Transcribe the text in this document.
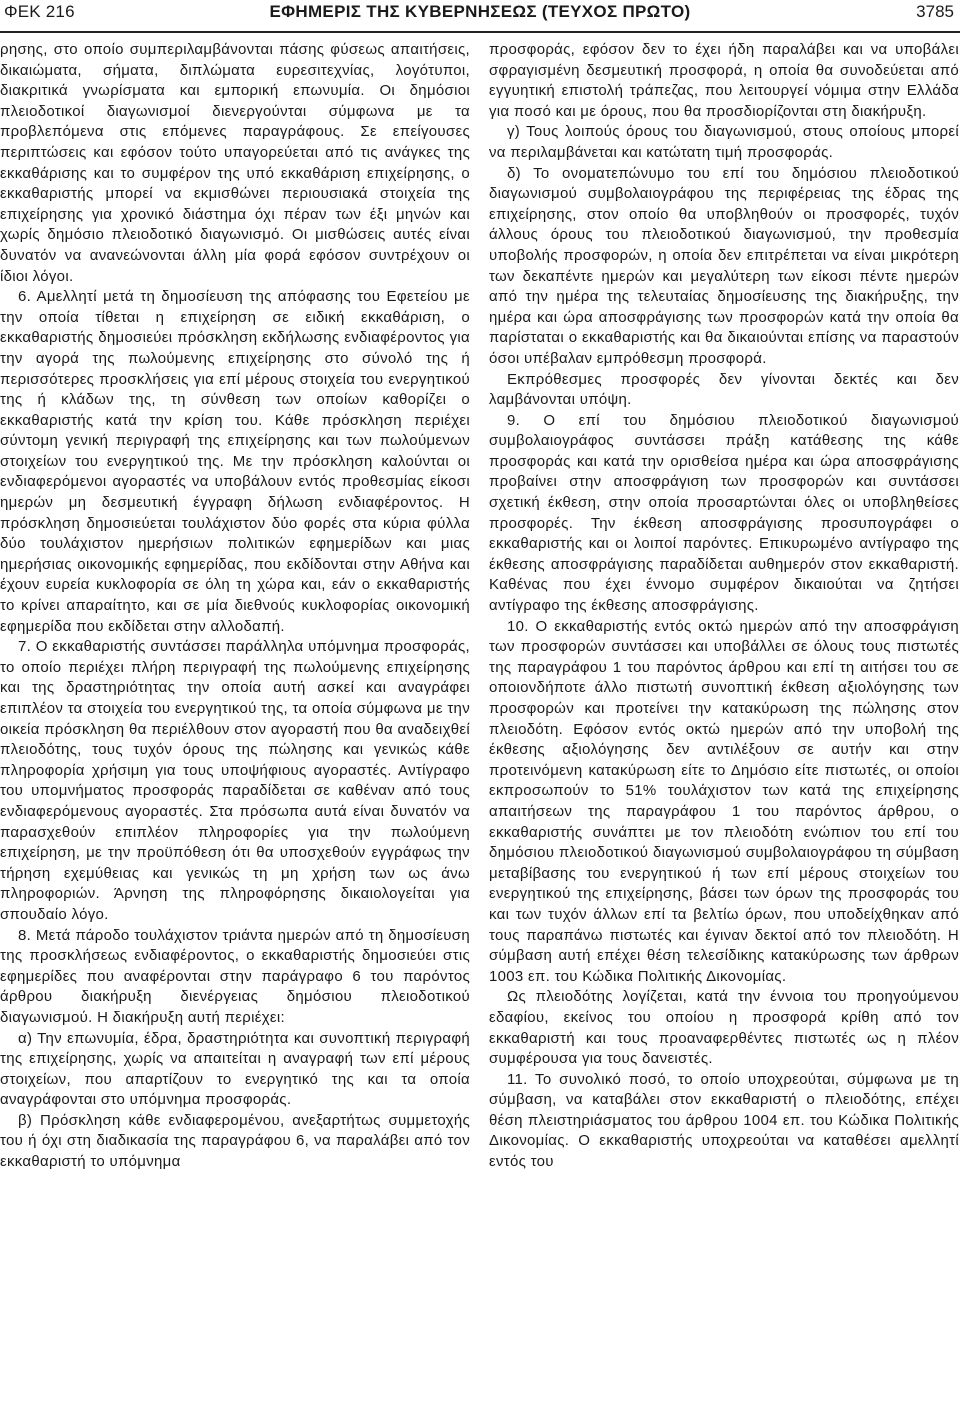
ΕΦΗΜΕΡΙΣ ΤΗΣ ΚΥΒΕΡΝΗΣΕΩΣ (ΤΕΥΧΟΣ ΠΡΩΤΟ)
ΦΕΚ 216	3785

ρησης, στο οποίο συμπεριλαμβάνονται πάσης φύσεως απαιτήσεις, δικαιώματα, σήματα, διπλώματα ευρεσιτεχνίας, λογότυποι, διακριτικά γνωρίσματα και εμπορική επωνυμία. Οι δημόσιοι πλειοδοτικοί διαγωνισμοί διενεργούνται σύμφωνα με τα προβλεπόμενα στις επόμενες παραγράφους. Σε επείγουσες περιπτώσεις και εφόσον τούτο υπαγορεύεται από τις ανάγκες της εκκαθάρισης και το συμφέρον της υπό εκκαθάριση επιχείρησης, ο εκκαθαριστής μπορεί να εκμισθώνει περιουσιακά στοιχεία της επιχείρησης για χρονικό διάστημα όχι πέραν των έξι μηνών και χωρίς δημόσιο πλειοδοτικό διαγωνισμό. Οι μισθώσεις αυτές είναι δυνατόν να ανανεώνονται άλλη μία φορά εφόσον συντρέχουν οι ίδιοι λόγοι.

6. Αμελλητί μετά τη δημοσίευση της απόφασης του Εφετείου με την οποία τίθεται η επιχείρηση σε ειδική εκκαθάριση, ο εκκαθαριστής δημοσιεύει πρόσκληση εκδήλωσης ενδιαφέροντος για την αγορά της πωλούμενης επιχείρησης στο σύνολό της ή περισσότερες προσκλήσεις για επί μέρους στοιχεία του ενεργητικού της ή κλάδων της, τη σύνθεση των οποίων καθορίζει ο εκκαθαριστής κατά την κρίση του. Κάθε πρόσκληση περιέχει σύντομη γενική περιγραφή της επιχείρησης και των πωλούμενων στοιχείων του ενεργητικού της. Με την πρόσκληση καλούνται οι ενδιαφερόμενοι αγοραστές να υποβάλουν εντός προθεσμίας είκοσι ημερών μη δεσμευτική έγγραφη δήλωση ενδιαφέροντος. Η πρόσκληση δημοσιεύεται τουλάχιστον δύο φορές στα κύρια φύλλα δύο τουλάχιστον ημερήσιων πολιτικών εφημερίδων και μιας ημερήσιας οικονομικής εφημερίδας, που εκδίδονται στην Αθήνα και έχουν ευρεία κυκλοφορία σε όλη τη χώρα και, εάν ο εκκαθαριστής το κρίνει απαραίτητο, και σε μία διεθνούς κυκλοφορίας οικονομική εφημερίδα που εκδίδεται στην αλλοδαπή.

7. Ο εκκαθαριστής συντάσσει παράλληλα υπόμνημα προσφοράς, το οποίο περιέχει πλήρη περιγραφή της πωλούμενης επιχείρησης και της δραστηριότητας την οποία αυτή ασκεί και αναγράφει επιπλέον τα στοιχεία του ενεργητικού της, τα οποία σύμφωνα με την οικεία πρόσκληση θα περιέλθουν στον αγοραστή που θα αναδειχθεί πλειοδότης, τους τυχόν όρους της πώλησης και γενικώς κάθε πληροφορία χρήσιμη για τους υποψήφιους αγοραστές. Αντίγραφο του υπομνήματος προσφοράς παραδίδεται σε καθέναν από τους ενδιαφερόμενους αγοραστές. Στα πρόσωπα αυτά είναι δυνατόν να παρασχεθούν επιπλέον πληροφορίες για την πωλούμενη επιχείρηση, με την προϋπόθεση ότι θα υποσχεθούν εγγράφως την τήρηση εχεμύθειας και γενικώς τη μη χρήση των ως άνω πληροφοριών. Άρνηση της πληροφόρησης δικαιολογείται για σπουδαίο λόγο.

8. Μετά πάροδο τουλάχιστον τριάντα ημερών από τη δημοσίευση της προσκλήσεως ενδιαφέροντος, ο εκκαθαριστής δημοσιεύει στις εφημερίδες που αναφέρονται στην παράγραφο 6 του παρόντος άρθρου διακήρυξη διενέργειας δημόσιου πλειοδοτικού διαγωνισμού. Η διακήρυξη αυτή περιέχει:

α) Την επωνυμία, έδρα, δραστηριότητα και συνοπτική περιγραφή της επιχείρησης, χωρίς να απαιτείται η αναγραφή των επί μέρους στοιχείων, που απαρτίζουν το ενεργητικό της και τα οποία αναγράφονται στο υπόμνημα προσφοράς.

β) Πρόσκληση κάθε ενδιαφερομένου, ανεξαρτήτως συμμετοχής του ή όχι στη διαδικασία της παραγράφου 6, να παραλάβει από τον εκκαθαριστή το υπόμνημα

προσφοράς, εφόσον δεν το έχει ήδη παραλάβει και να υποβάλει σφραγισμένη δεσμευτική προσφορά, η οποία θα συνοδεύεται από εγγυητική επιστολή τράπεζας, που λειτουργεί νόμιμα στην Ελλάδα για ποσό και με όρους, που θα προσδιορίζονται στη διακήρυξη.

γ) Τους λοιπούς όρους του διαγωνισμού, στους οποίους μπορεί να περιλαμβάνεται και κατώτατη τιμή προσφοράς.

δ) Το ονοματεπώνυμο του επί του δημόσιου πλειοδοτικού διαγωνισμού συμβολαιογράφου της περιφέρειας της έδρας της επιχείρησης, στον οποίο θα υποβληθούν οι προσφορές, τυχόν άλλους όρους του πλειοδοτικού διαγωνισμού, την προθεσμία υποβολής προσφορών, η οποία δεν επιτρέπεται να είναι μικρότερη των δεκαπέντε ημερών και μεγαλύτερη των είκοσι πέντε ημερών από την ημέρα της τελευταίας δημοσίευσης της διακήρυξης, την ημέρα και ώρα αποσφράγισης των προσφορών κατά την οποία θα παρίσταται ο εκκαθαριστής και θα δικαιούνται επίσης να παραστούν όσοι υπέβαλαν εμπρόθεσμη προσφορά.

Εκπρόθεσμες προσφορές δεν γίνονται δεκτές και δεν λαμβάνονται υπόψη.

9. Ο επί του δημόσιου πλειοδοτικού διαγωνισμού συμβολαιογράφος συντάσσει πράξη κατάθεσης της κάθε προσφοράς και κατά την ορισθείσα ημέρα και ώρα αποσφράγισης προβαίνει στην αποσφράγιση των προσφορών και συντάσσει σχετική έκθεση, στην οποία προσαρτώνται όλες οι υποβληθείσες προσφορές. Την έκθεση αποσφράγισης προσυπογράφει ο εκκαθαριστής και οι λοιποί παρόντες. Επικυρωμένο αντίγραφο της έκθεσης αποσφράγισης παραδίδεται αυθημερόν στον εκκαθαριστή. Καθένας που έχει έννομο συμφέρον δικαιούται να ζητήσει αντίγραφο της έκθεσης αποσφράγισης.

10. Ο εκκαθαριστής εντός οκτώ ημερών από την αποσφράγιση των προσφορών συντάσσει και υποβάλλει σε όλους τους πιστωτές της παραγράφου 1 του παρόντος άρθρου και επί τη αιτήσει του σε οποιονδήποτε άλλο πιστωτή συνοπτική έκθεση αξιολόγησης των προσφορών και προτείνει την κατακύρωση της πώλησης στον πλειοδότη. Εφόσον εντός οκτώ ημερών από την υποβολή της έκθεσης αξιολόγησης δεν αντιλέξουν σε αυτήν και στην προτεινόμενη κατακύρωση είτε το Δημόσιο είτε πιστωτές, οι οποίοι εκπροσωπούν το 51% τουλάχιστον των κατά της επιχείρησης απαιτήσεων της παραγράφου 1 του παρόντος άρθρου, ο εκκαθαριστής συνάπτει με τον πλειοδότη ενώπιον του επί του δημόσιου πλειοδοτικού διαγωνισμού συμβολαιογράφου τη σύμβαση μεταβίβασης του ενεργητικού ή των επί μέρους στοιχείων του ενεργητικού της επιχείρησης, βάσει των όρων της προσφοράς του και των τυχόν άλλων επί τα βελτίω όρων, που υποδείχθηκαν από τους παραπάνω πιστωτές και έγιναν δεκτοί από τον πλειοδότη. Η σύμβαση αυτή επέχει θέση τελεσίδικης κατακύρωσης των άρθρων 1003 επ. του Κώδικα Πολιτικής Δικονομίας.

Ως πλειοδότης λογίζεται, κατά την έννοια του προηγούμενου εδαφίου, εκείνος του οποίου η προσφορά κρίθη από τον εκκαθαριστή και τους προαναφερθέντες πιστωτές ως η πλέον συμφέρουσα για τους δανειστές.

11. Το συνολικό ποσό, το οποίο υποχρεούται, σύμφωνα με τη σύμβαση, να καταβάλει στον εκκαθαριστή ο πλειοδότης, επέχει θέση πλειστηριάσματος του άρθρου 1004 επ. του Κώδικα Πολιτικής Δικονομίας. Ο εκκαθαριστής υποχρεούται να καταθέσει αμελλητί εντός του
